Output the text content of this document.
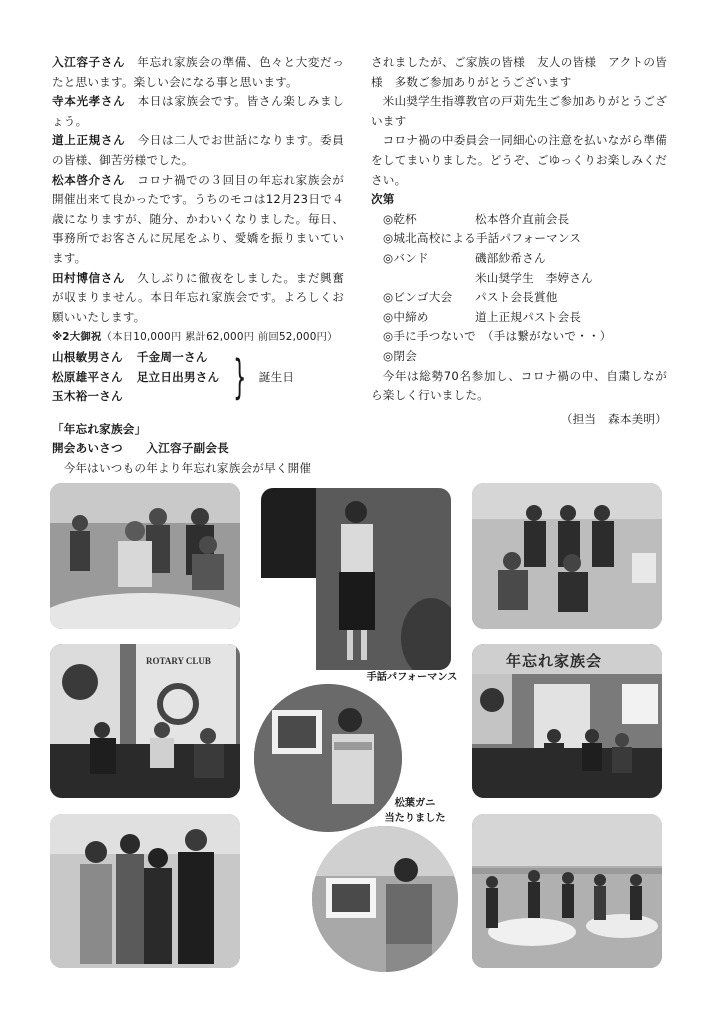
入江容子さん　年忘れ家族会の準備、色々と大変だったと思います。楽しい会になる事と思います。

寺本光孝さん　本日は家族会です。皆さん楽しみましょう。

道上正規さん　今日は二人でお世話になります。委員の皆様、御苦労様でした。

松本啓介さん　コロナ禍での３回目の年忘れ家族会が開催出来て良かったです。うちのモコは12月23日で４歳になりますが、随分、かわいくなりました。毎日、事務所でお客さんに尻尾をふり、愛嬌を振りまいています。

田村博信さん　久しぶりに徹夜をしました。まだ興奮が収まりません。本日年忘れ家族会です。よろしくお願いいたします。

※2大御祝（本日10,000円 累計62,000円 前回52,000円）

山根敏男さん 千金周一さん
松原雄平さん 足立日出男さん
玉木裕一さん } 誕生日

「年忘れ家族会」

開会あいさつ　　入江容子副会長

今年はいつもの年より年忘れ家族会が早く開催

されましたが、ご家族の皆様　友人の皆様　アクトの皆様　多数ご参加ありがとうございます

米山奨学生指導教官の戸苅先生ご参加ありがとうございます

コロナ禍の中委員会一同細心の注意を払いながら準備をしてまいりました。どうぞ、ごゆっくりお楽しみください。

次第

◎乾杯	松本啓介直前会長
◎城北高校による手話パフォーマンス
◎バンド	磯部紗希さん
米山奨学生　李婷さん
◎ビンゴ大会	パスト会長賞他
◎中締め	道上正規パスト会長
◎手に手つないで　（手は繋がないで・・）
◎閉会

今年は総勢70名参加し、コロナ禍の中、自粛しながら楽しく行いました。

（担当　森本美明）

ROTARY CLUB	年忘れ家族会
手話パフォーマンス
松葉ガニ
当たりました
